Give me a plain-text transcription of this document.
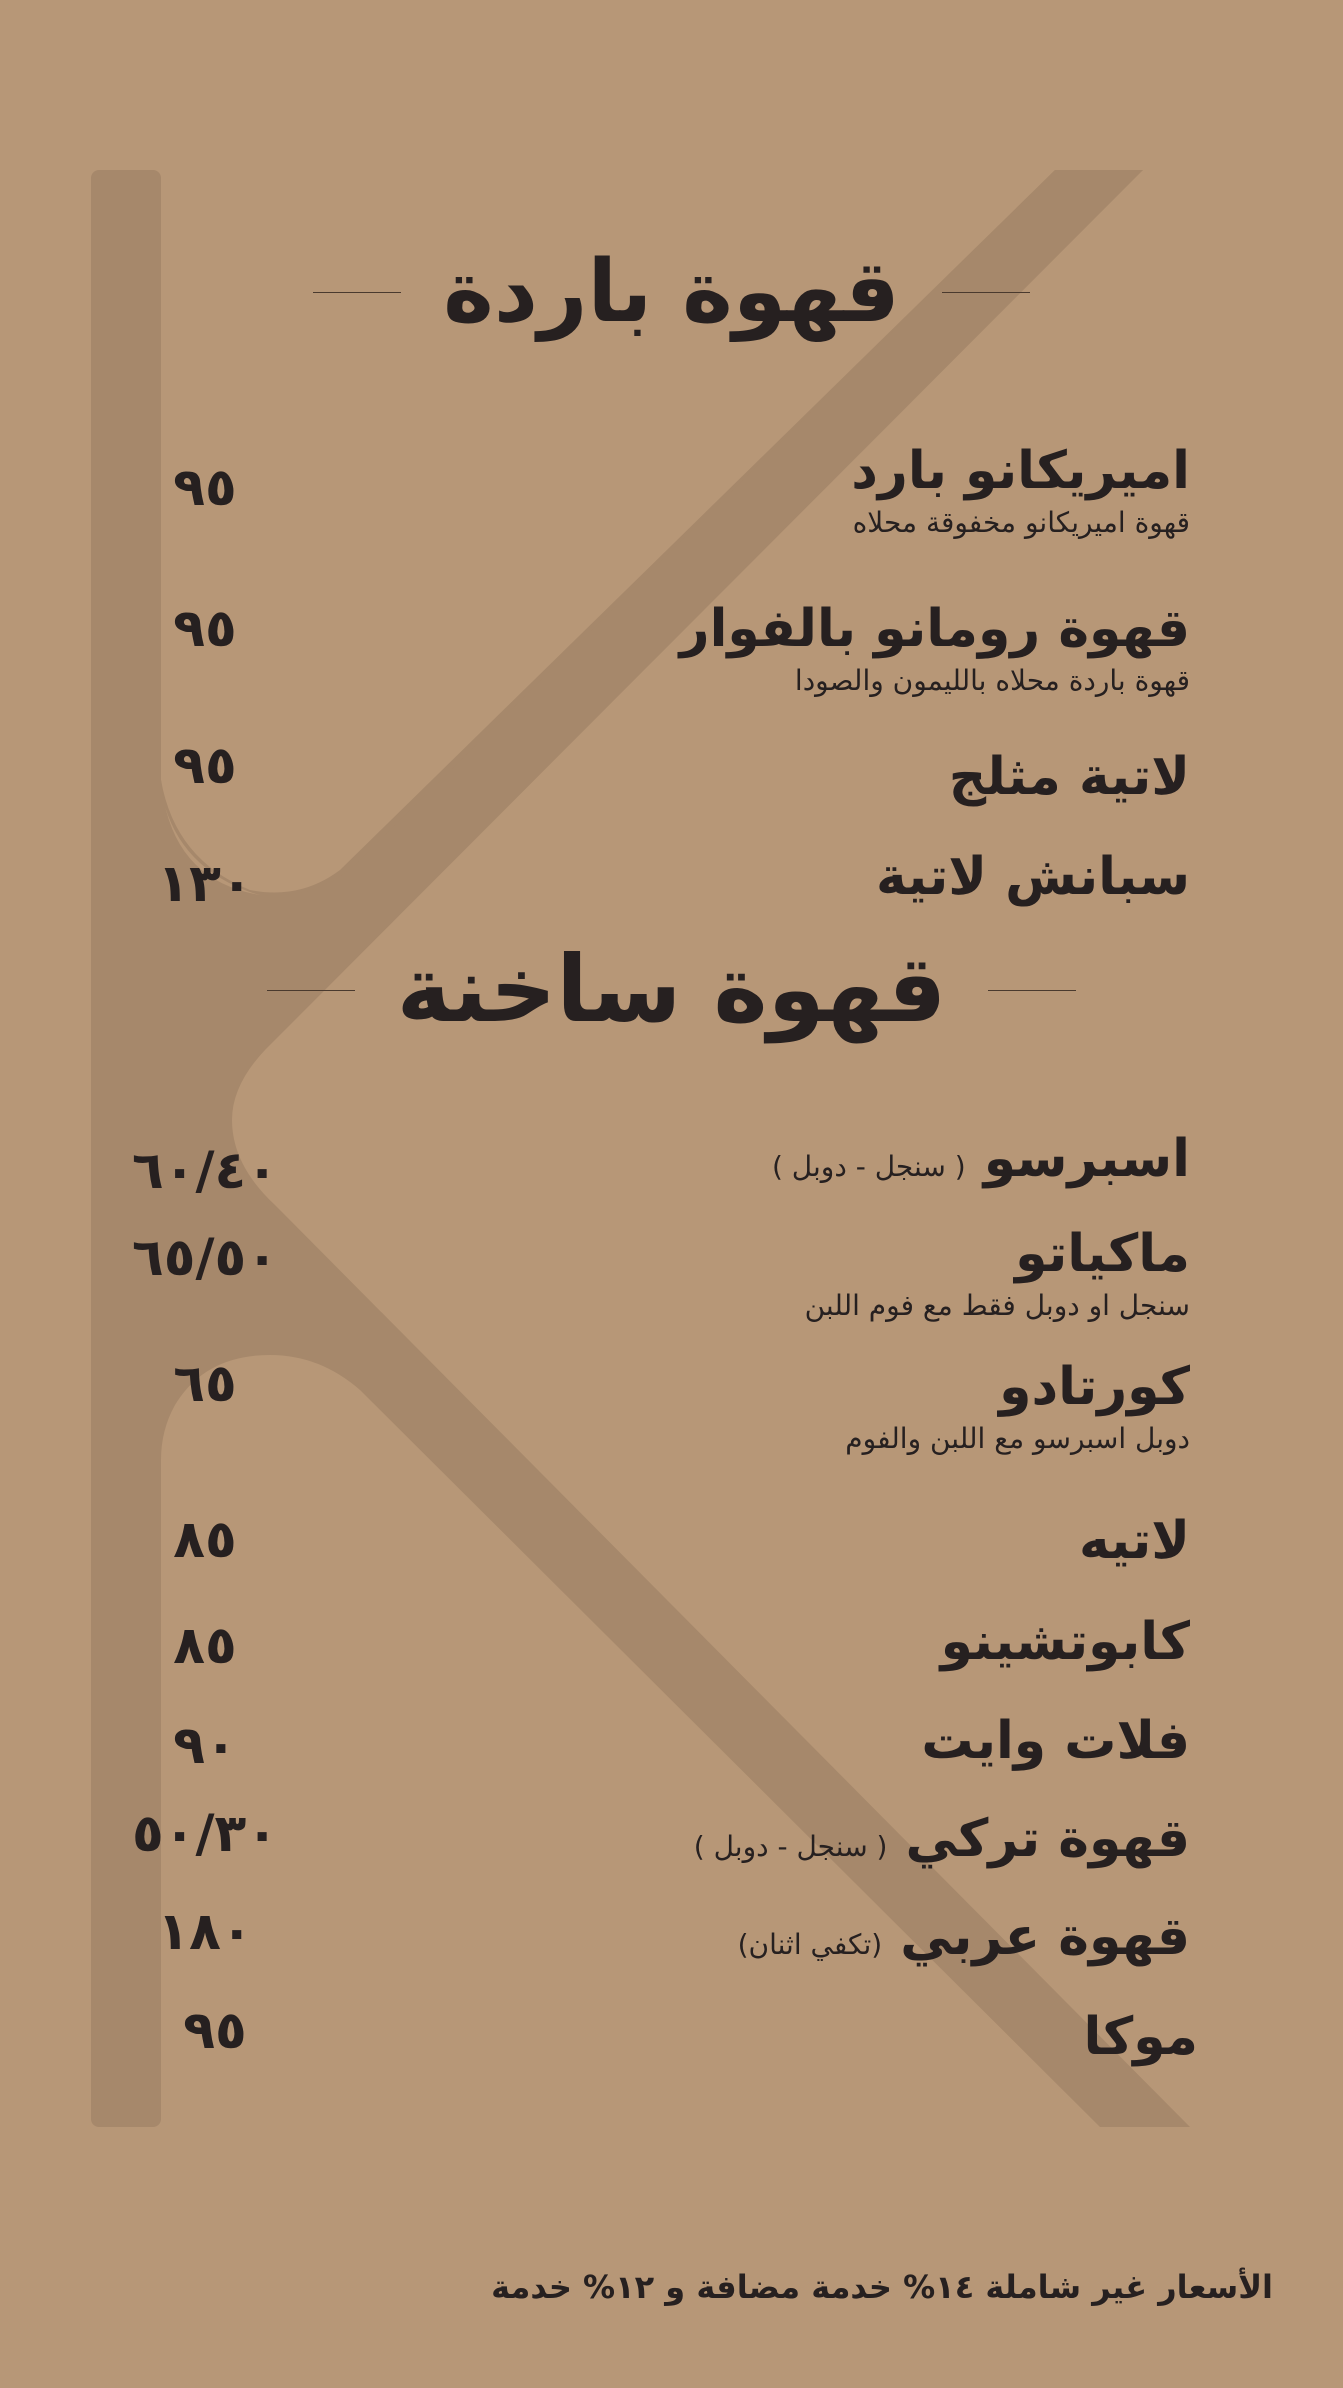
قهوة باردة
اميريكانو بارد
قهوة اميريكانو مخفوقة محلاه
٩٥
قهوة رومانو بالفوار
قهوة باردة محلاه بالليمون والصودا
٩٥
لاتية مثلج
٩٥
سبانش لاتية
١٣٠
قهوة ساخنة
اسبرسو
( سنجل - دوبل )
٦٠/٤٠
ماكياتو
سنجل او دوبل فقط مع فوم اللبن
٦٥/٥٠
كورتادو
دوبل اسبرسو مع اللبن والفوم
٦٥
لاتيه
٨٥
كابوتشينو
٨٥
فلات وايت
٩٠
قهوة تركي
( سنجل - دوبل )
٥٠/٣٠
قهوة عربي
(تكفي اثنان)
١٨٠
موكا
٩٥
الأسعار غير شاملة ١٤% خدمة مضافة و ١٢% خدمة
